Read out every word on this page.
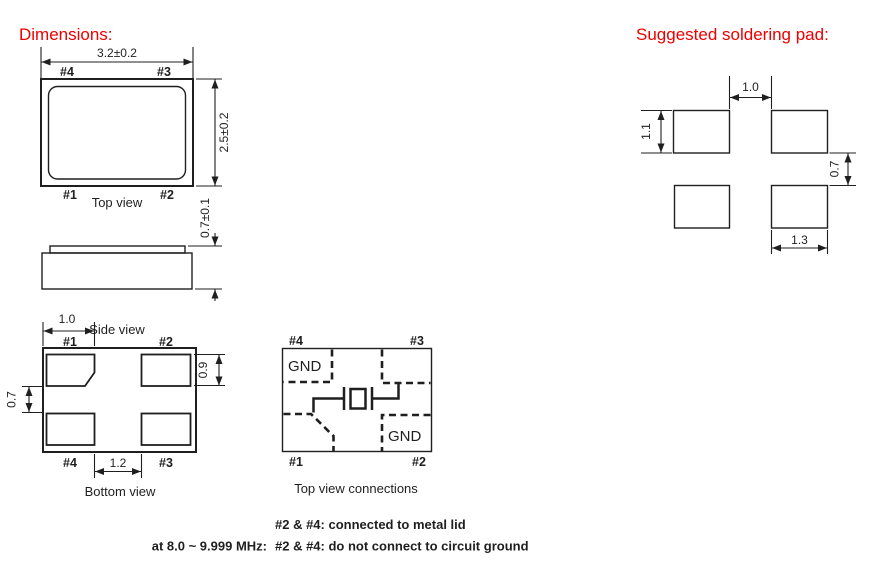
Dimensions:	Suggested soldering pad:
3.2±0.2
#4	#3
#1	#2
2.5±0.2
Top view	0.7±0.1
Side view
1.0
#1	#2
0.9
0.7
1.2
#4	#3
Bottom view
#4	#3
GND
GND
#1	#2
Top view connections
1.0
1.1
0.7
1.3
#2 & #4: connected to metal lid
at 8.0 ~ 9.999 MHz: #2 & #4: do not connect to circuit ground
